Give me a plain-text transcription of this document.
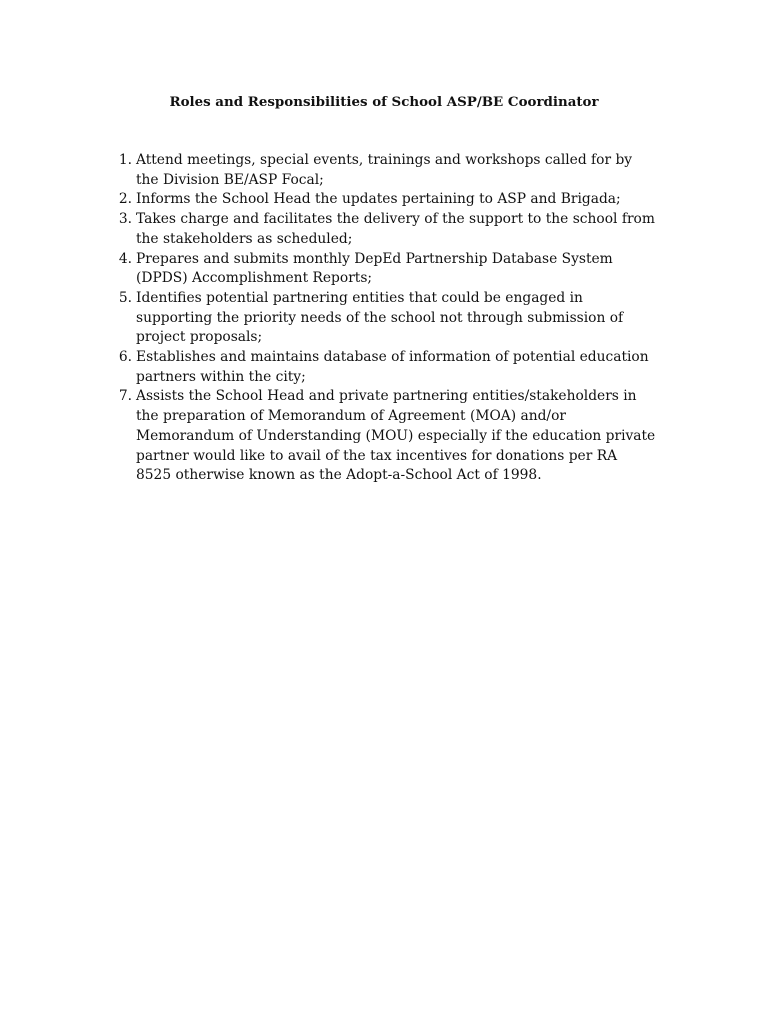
Roles and Responsibilities of School ASP/BE Coordinator
1. Attend meetings, special events, trainings and workshops called for by
the Division BE/ASP Focal;
2. Informs the School Head the updates pertaining to ASP and Brigada;
3. Takes charge and facilitates the delivery of the support to the school from
the stakeholders as scheduled;
4. Prepares and submits monthly DepEd Partnership Database System
(DPDS) Accomplishment Reports;
5. Identifies potential partnering entities that could be engaged in
supporting the priority needs of the school not through submission of
project proposals;
6. Establishes and maintains database of information of potential education
partners within the city;
7. Assists the School Head and private partnering entities/stakeholders in
the preparation of Memorandum of Agreement (MOA) and/or
Memorandum of Understanding (MOU) especially if the education private
partner would like to avail of the tax incentives for donations per RA
8525 otherwise known as the Adopt-a-School Act of 1998.
